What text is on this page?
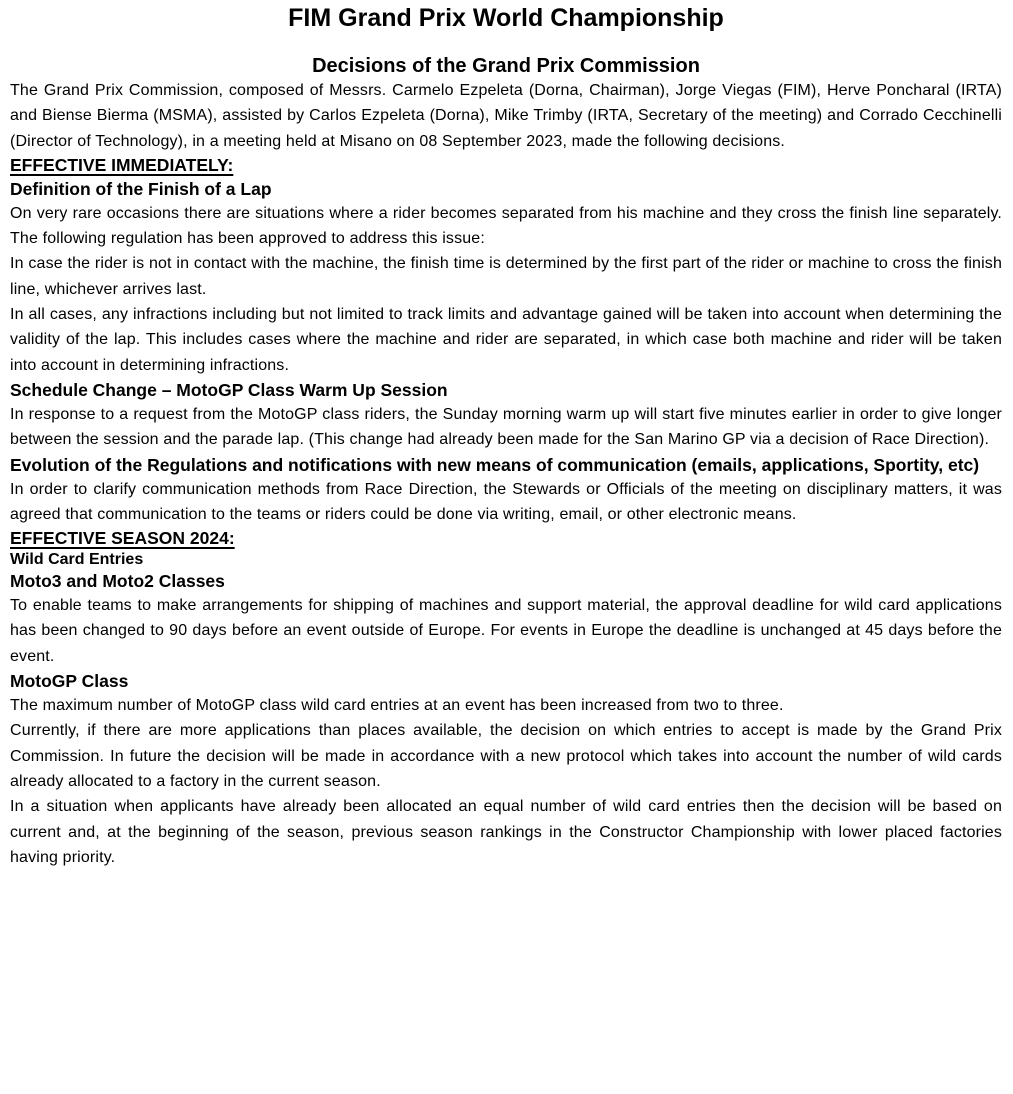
FIM Grand Prix World Championship
Decisions of the Grand Prix Commission

The Grand Prix Commission, composed of Messrs. Carmelo Ezpeleta (Dorna, Chairman), Jorge Viegas (FIM), Herve Poncharal (IRTA) and Biense Bierma (MSMA), assisted by Carlos Ezpeleta (Dorna), Mike Trimby (IRTA, Secretary of the meeting) and Corrado Cecchinelli (Director of Technology), in a meeting held at Misano on 08 September 2023, made the following decisions.

EFFECTIVE IMMEDIATELY:
Definition of the Finish of a Lap

On very rare occasions there are situations where a rider becomes separated from his machine and they cross the finish line separately. The following regulation has been approved to address this issue:

In case the rider is not in contact with the machine, the finish time is determined by the first part of the rider or machine to cross the finish line, whichever arrives last.

In all cases, any infractions including but not limited to track limits and advantage gained will be taken into account when determining the validity of the lap. This includes cases where the machine and rider are separated, in which case both machine and rider will be taken into account in determining infractions.

Schedule Change – MotoGP Class Warm Up Session

In response to a request from the MotoGP class riders, the Sunday morning warm up will start five minutes earlier in order to give longer between the session and the parade lap. (This change had already been made for the San Marino GP via a decision of Race Direction).

Evolution of the Regulations and notifications with new means of communication (emails, applications, Sportity, etc)

In order to clarify communication methods from Race Direction, the Stewards or Officials of the meeting on disciplinary matters, it was agreed that communication to the teams or riders could be done via writing, email, or other electronic means.

EFFECTIVE SEASON 2024:
Wild Card Entries
Moto3 and Moto2 Classes

To enable teams to make arrangements for shipping of machines and support material, the approval deadline for wild card applications has been changed to 90 days before an event outside of Europe. For events in Europe the deadline is unchanged at 45 days before the event.

MotoGP Class

The maximum number of MotoGP class wild card entries at an event has been increased from two to three.

Currently, if there are more applications than places available, the decision on which entries to accept is made by the Grand Prix Commission. In future the decision will be made in accordance with a new protocol which takes into account the number of wild cards already allocated to a factory in the current season.

In a situation when applicants have already been allocated an equal number of wild card entries then the decision will be based on current and, at the beginning of the season, previous season rankings in the Constructor Championship with lower placed factories having priority.
